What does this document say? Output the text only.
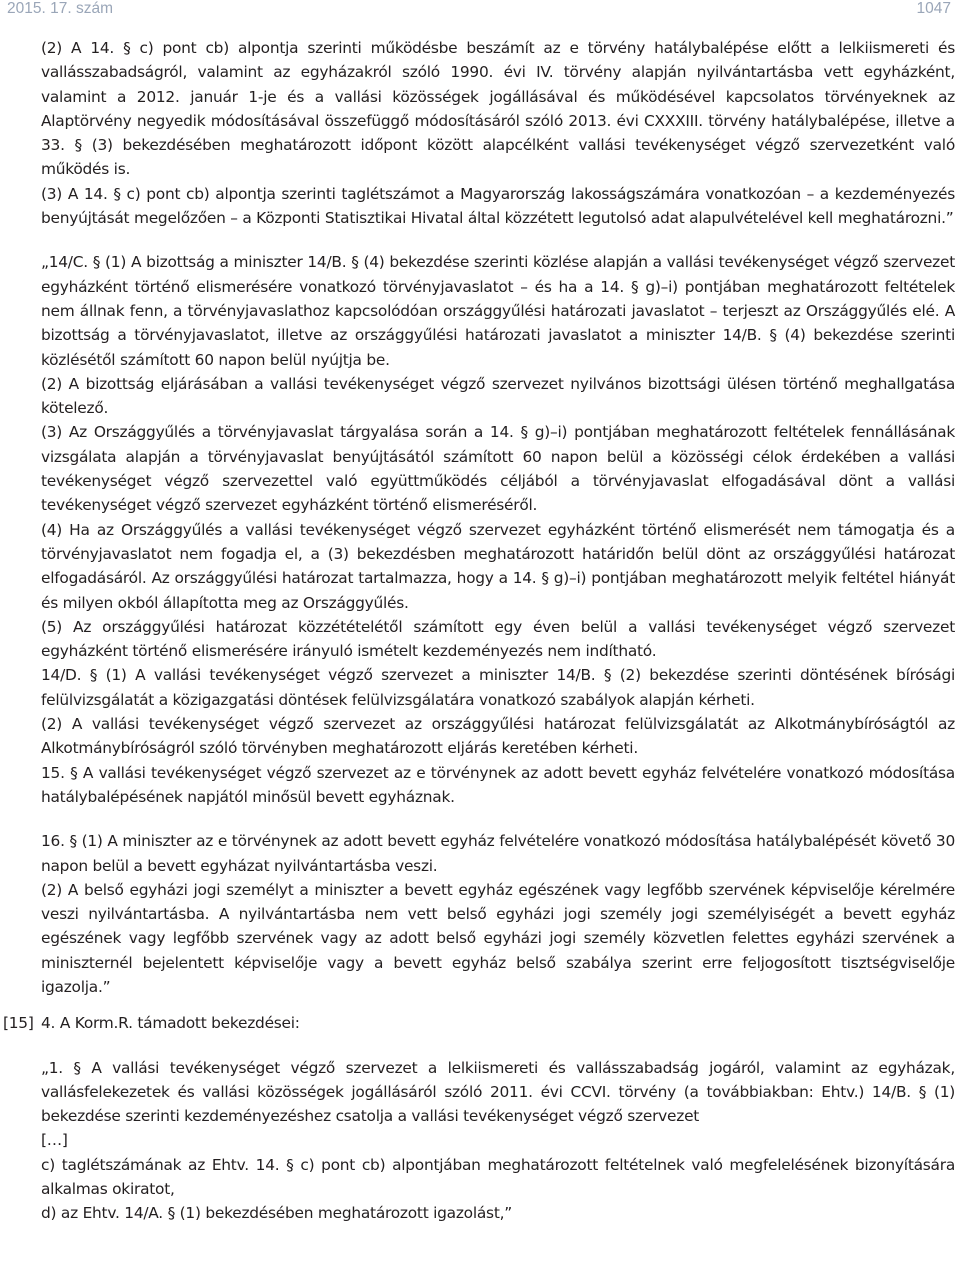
2015. 17. szám	1047

(2) A 14. § c) pont cb) alpontja szerinti működésbe beszámít az e törvény hatálybalépése előtt a lelkiismereti és vallásszabadságról, valamint az egyházakról szóló 1990. évi IV. törvény alapján nyilvántartásba vett egyházként, valamint a 2012. január 1-je és a vallási közösségek jogállásával és működésével kapcsolatos törvényeknek az Alaptörvény negyedik módosításával összefüggő módosításáról szóló 2013. évi CXXXIII. törvény hatálybalépése, illetve a 33. § (3) bekezdésében meghatározott időpont között alapcélként vallási tevékenységet végző szervezetként való működés is.

(3) A 14. § c) pont cb) alpontja szerinti taglétszámot a Magyarország lakosságszámára vonatkozóan – a kezdeményezés benyújtását megelőzően – a Központi Statisztikai Hivatal által közzétett legutolsó adat alapulvételével kell meghatározni.”

„14/C. § (1) A bizottság a miniszter 14/B. § (4) bekezdése szerinti közlése alapján a vallási tevékenységet végző szervezet egyházként történő elismerésére vonatkozó törvényjavaslatot – és ha a 14. § g)–i) pontjában meghatározott feltételek nem állnak fenn, a törvényjavaslathoz kapcsolódóan országgyűlési határozati javaslatot – terjeszt az Országgyűlés elé. A bizottság a törvényjavaslatot, illetve az országgyűlési határozati javaslatot a miniszter 14/B. § (4) bekezdése szerinti közlésétől számított 60 napon belül nyújtja be.

(2) A bizottság eljárásában a vallási tevékenységet végző szervezet nyilvános bizottsági ülésen történő meghallgatása kötelező.

(3) Az Országgyűlés a törvényjavaslat tárgyalása során a 14. § g)–i) pontjában meghatározott feltételek fennállásának vizsgálata alapján a törvényjavaslat benyújtásától számított 60 napon belül a közösségi célok érdekében a vallási tevékenységet végző szervezettel való együttműködés céljából a törvényjavaslat elfogadásával dönt a vallási tevékenységet végző szervezet egyházként történő elismeréséről.

(4) Ha az Országgyűlés a vallási tevékenységet végző szervezet egyházként történő elismerését nem támogatja és a törvényjavaslatot nem fogadja el, a (3) bekezdésben meghatározott határidőn belül dönt az országgyűlési határozat elfogadásáról. Az országgyűlési határozat tartalmazza, hogy a 14. § g)–i) pontjában meghatározott melyik feltétel hiányát és milyen okból állapította meg az Országgyűlés.

(5) Az országgyűlési határozat közzétételétől számított egy éven belül a vallási tevékenységet végző szervezet egyházként történő elismerésére irányuló ismételt kezdeményezés nem indítható.

14/D. § (1) A vallási tevékenységet végző szervezet a miniszter 14/B. § (2) bekezdése szerinti döntésének bírósági felülvizsgálatát a közigazgatási döntések felülvizsgálatára vonatkozó szabályok alapján kérheti.

(2) A vallási tevékenységet végző szervezet az országgyűlési határozat felülvizsgálatát az Alkotmánybíróságtól az Alkotmánybíróságról szóló törvényben meghatározott eljárás keretében kérheti.

15. § A vallási tevékenységet végző szervezet az e törvénynek az adott bevett egyház felvételére vonatkozó módosítása hatálybalépésének napjától minősül bevett egyháznak.

16. § (1) A miniszter az e törvénynek az adott bevett egyház felvételére vonatkozó módosítása hatálybalépését követő 30 napon belül a bevett egyházat nyilvántartásba veszi.

(2) A belső egyházi jogi személyt a miniszter a bevett egyház egészének vagy legfőbb szervének képviselője kérelmére veszi nyilvántartásba. A nyilvántartásba nem vett belső egyházi jogi személy jogi személyiségét a bevett egyház egészének vagy legfőbb szervének vagy az adott belső egyházi jogi személy közvetlen felettes egyházi szervének a miniszternél bejelentett képviselője vagy a bevett egyház belső szabálya szerint erre feljogosított tisztségviselője igazolja.”

[15] 4. A Korm.R. támadott bekezdései:

„1. § A vallási tevékenységet végző szervezet a lelkiismereti és vallásszabadság jogáról, valamint az egyházak, vallásfelekezetek és vallási közösségek jogállásáról szóló 2011. évi CCVI. törvény (a továbbiakban: Ehtv.) 14/B. § (1) bekezdése szerinti kezdeményezéshez csatolja a vallási tevékenységet végző szervezet

[…]

c) taglétszámának az Ehtv. 14. § c) pont cb) alpontjában meghatározott feltételnek való megfelelésének bizonyítására alkalmas okiratot,

d) az Ehtv. 14/A. § (1) bekezdésében meghatározott igazolást,”
